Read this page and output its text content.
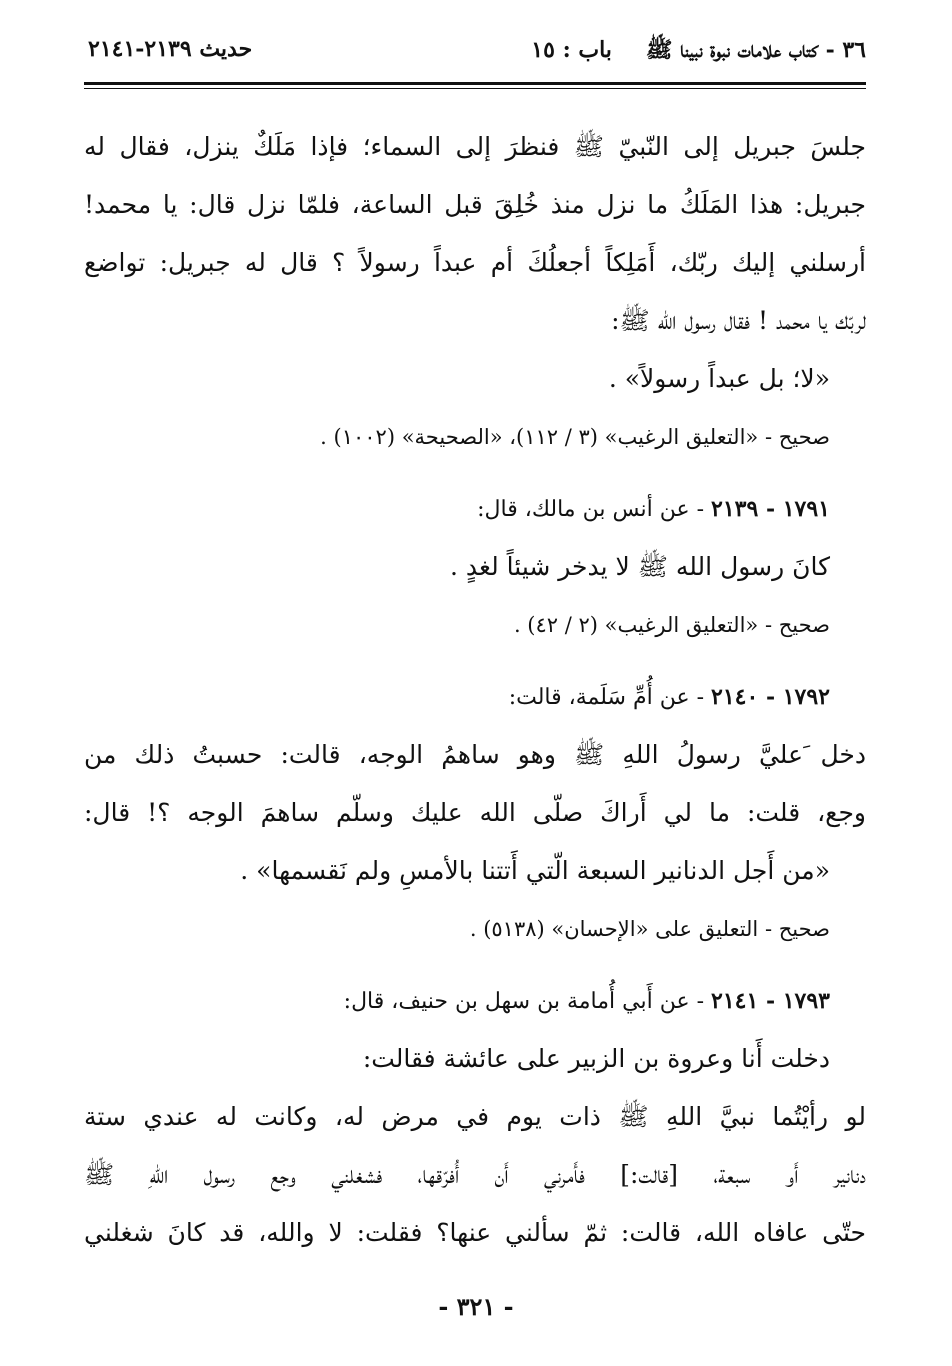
٣٦ - كتاب علامات نبوة نبينا ﷺباب : ١٥
حديث ٢١٣٩-٢١٤١
جلسَ جبريل إلى النّبيّ ﷺ فنظرَ إلى السماء؛ فإذا مَلَكٌ ينزل، فقال له
جبريل: هذا المَلَكُ ما نزل منذ خُلِقَ قبل الساعة، فلمّا نزل قال: يا محمد!
أرسلني إليك ربّك، أَمَلِكاً أجعلُكَ أم عبداً رسولاً ؟ قال له جبريل: تواضع
لربّك يا محمد ! فقال رسول الله ﷺ:
«لا؛ بل عبداً رسولاً» .
صحيح - «التعليق الرغيب» (٣ / ١١٢)، «الصحيحة» (١٠٠٢) .
١٧٩١ - ٢١٣٩ - عن أنس بن مالك، قال:
كانَ رسول الله ﷺ لا يدخر شيئاً لغدٍ .
صحيح - «التعليق الرغيب» (٢ / ٤٢) .
١٧٩٢ - ٢١٤٠ - عن أُمِّ سَلَمة، قالت:
دخل َعليَّ رسولُ اللهِ ﷺ وهو ساهمُ الوجه، قالت: حسبتُ ذلك من
وجع، قلت: ما لي أَراكَ صلّى الله عليك وسلّم ساهمَ الوجه ؟! قال:
«من أَجل الدنانير السبعة الّتي أَتتنا بالأمسِ ولم نَقسمها» .
صحيح - التعليق على «الإحسان» (٥١٣٨) .
١٧٩٣ - ٢١٤١ - عن أَبي أُمامة بن سهل بن حنيف، قال:
دخلت أَنا وعروة بن الزبير على عائشة فقالت:
لو رأيْتُما نبيَّ اللهِ ﷺ ذات يوم في مرض له، وكانت له عندي ستة
دنانير أَو سبعة، [قالت:] فأَمرني أَن أُفرّقها، فشغلني وجع رسول اللهِ ﷺ
حتّى عافاه الله، قالت: ثمّ سألني عنها؟ فقلت: لا والله، قد كانَ شغلني
- ٣٢١ -
